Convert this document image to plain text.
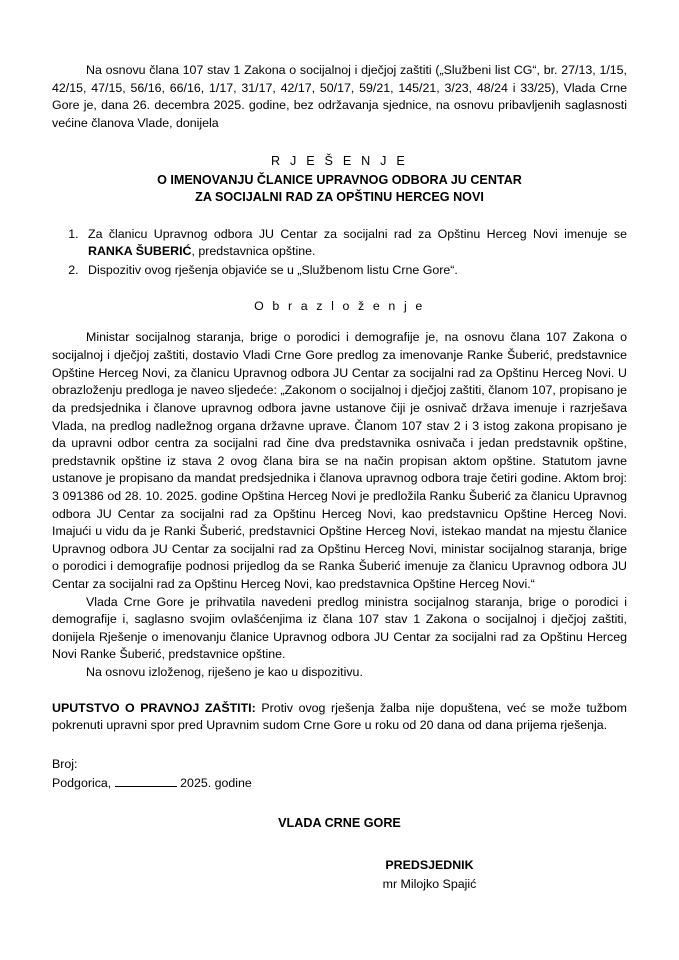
Na osnovu člana 107 stav 1 Zakona o socijalnoj i dječjoj zaštiti („Službeni list CG“, br. 27/13, 1/15, 42/15, 47/15, 56/16, 66/16, 1/17, 31/17, 42/17, 50/17, 59/21, 145/21, 3/23, 48/24 i 33/25), Vlada Crne Gore je, dana 26. decembra 2025. godine, bez održavanja sjednice, na osnovu pribavljenih saglasnosti većine članova Vlade, donijela

R J E Š E N J E
O IMENOVANJU ČLANICE UPRAVNOG ODBORA JU CENTAR
ZA SOCIJALNI RAD ZA OPŠTINU HERCEG NOVI
1. Za članicu Upravnog odbora JU Centar za socijalni rad za Opštinu Herceg Novi imenuje se RANKA ŠUBERIĆ, predstavnica opštine.
2. Dispozitiv ovog rješenja objaviće se u „Službenom listu Crne Gore“.
O b r a z l o ž e n j e

Ministar socijalnog staranja, brige o porodici i demografije je, na osnovu člana 107 Zakona o socijalnoj i dječjoj zaštiti, dostavio Vladi Crne Gore predlog za imenovanje Ranke Šuberić, predstavnice Opštine Herceg Novi, za članicu Upravnog odbora JU Centar za socijalni rad za Opštinu Herceg Novi. U obrazloženju predloga je naveo sljedeće: „Zakonom o socijalnoj i dječjoj zaštiti, članom 107, propisano je da predsjednika i članove upravnog odbora javne ustanove čiji je osnivač država imenuje i razrješava Vlada, na predlog nadležnog organa državne uprave. Članom 107 stav 2 i 3 istog zakona propisano je da upravni odbor centra za socijalni rad čine dva predstavnika osnivača i jedan predstavnik opštine, predstavnik opštine iz stava 2 ovog člana bira se na način propisan aktom opštine. Statutom javne ustanove je propisano da mandat predsjednika i članova upravnog odbora traje četiri godine. Aktom broj: 3 091386 od 28. 10. 2025. godine Opština Herceg Novi je predložila Ranku Šuberić za članicu Upravnog odbora JU Centar za socijalni rad za Opštinu Herceg Novi, kao predstavnicu Opštine Herceg Novi. Imajući u vidu da je Ranki Šuberić, predstavnici Opštine Herceg Novi, istekao mandat na mjestu članice Upravnog odbora JU Centar za socijalni rad za Opštinu Herceg Novi, ministar socijalnog staranja, brige o porodici i demografije podnosi prijedlog da se Ranka Šuberić imenuje za članicu Upravnog odbora JU Centar za socijalni rad za Opštinu Herceg Novi, kao predstavnica Opštine Herceg Novi.“

Vlada Crne Gore je prihvatila navedeni predlog ministra socijalnog staranja, brige o porodici i demografije i, saglasno svojim ovlašćenjima iz člana 107 stav 1 Zakona o socijalnoj i dječjoj zaštiti, donijela Rješenje o imenovanju članice Upravnog odbora JU Centar za socijalni rad za Opštinu Herceg Novi Ranke Šuberić, predstavnice opštine.

Na osnovu izloženog, riješeno je kao u dispozitivu.

UPUTSTVO O PRAVNOJ ZAŠTITI: Protiv ovog rješenja žalba nije dopuštena, već se može tužbom pokrenuti upravni spor pred Upravnim sudom Crne Gore u roku od 20 dana od dana prijema rješenja.

Broj:
Podgorica,	2025. godine

VLADA CRNE GORE
PREDSJEDNIK
mr Miloјko Spajić
